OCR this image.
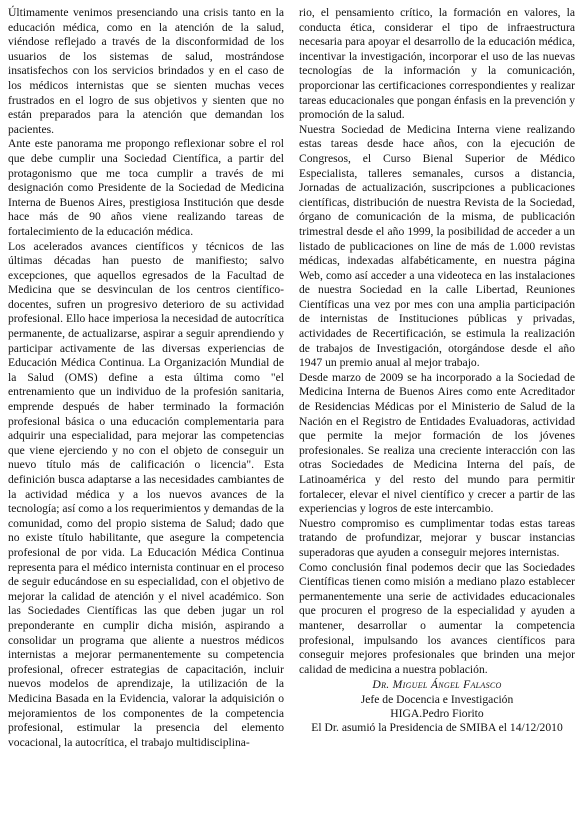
Últimamente venimos presenciando una crisis tanto en la educación médica, como en la atención de la salud, viéndose reflejado a través de la disconformidad de los usuarios de los sistemas de salud, mostrándose insatisfechos con los servicios brindados y en el caso de los médicos internistas que se sienten muchas veces frustrados en el logro de sus objetivos y sienten que no están preparados para la atención que demandan los pacientes.

Ante este panorama me propongo reflexionar sobre el rol que debe cumplir una Sociedad Científica, a partir del protagonismo que me toca cumplir a través de mi designación como Presidente de la Sociedad de Medicina Interna de Buenos Aires, prestigiosa Institución que desde hace más de 90 años viene realizando tareas de fortalecimiento de la educación médica.

Los acelerados avances científicos y técnicos de las últimas décadas han puesto de manifiesto; salvo excepciones, que aquellos egresados de la Facultad de Medicina que se desvinculan de los centros científico-docentes, sufren un progresivo deterioro de su actividad profesional. Ello hace imperiosa la necesidad de autocrítica permanente, de actualizarse, aspirar a seguir aprendiendo y participar activamente de las diversas experiencias de Educación Médica Continua. La Organización Mundial de la Salud (OMS) define a esta última como "el entrenamiento que un individuo de la profesión sanitaria, emprende después de haber terminado la formación profesional básica o una educación complementaria para adquirir una especialidad, para mejorar las competencias que viene ejerciendo y no con el objeto de conseguir un nuevo título más de calificación o licencia". Esta definición busca adaptarse a las necesidades cambiantes de la actividad médica y a los nuevos avances de la tecnología; así como a los requerimientos y demandas de la comunidad, como del propio sistema de Salud; dado que no existe título habilitante, que asegure la competencia profesional de por vida. La Educación Médica Continua representa para el médico internista continuar en el proceso de seguir educándose en su especialidad, con el objetivo de mejorar la calidad de atención y el nivel académico. Son las Sociedades Científicas las que deben jugar un rol preponderante en cumplir dicha misión, aspirando a consolidar un programa que aliente a nuestros médicos internistas a mejorar permanentemente su competencia profesional, ofrecer estrategias de capacitación, incluir nuevos modelos de aprendizaje, la utilización de la Medicina Basada en la Evidencia, valorar la adquisición o mejoramientos de los componentes de la competencia profesional, estimular la presencia del elemento vocacional, la autocrítica, el trabajo multidisciplina-

rio, el pensamiento crítico, la formación en valores, la conducta ética, considerar el tipo de infraestructura necesaria para apoyar el desarrollo de la educación médica, incentivar la investigación, incorporar el uso de las nuevas tecnologías de la información y la comunicación, proporcionar las certificaciones correspondientes y realizar tareas educacionales que pongan énfasis en la prevención y promoción de la salud.

Nuestra Sociedad de Medicina Interna viene realizando estas tareas desde hace años, con la ejecución de Congresos, el Curso Bienal Superior de Médico Especialista, talleres semanales, cursos a distancia, Jornadas de actualización, suscripciones a publicaciones científicas, distribución de nuestra Revista de la Sociedad, órgano de comunicación de la misma, de publicación trimestral desde el año 1999, la posibilidad de acceder a un listado de publicaciones on line de más de 1.000 revistas médicas, indexadas alfabéticamente, en nuestra página Web, como así acceder a una videoteca en las instalaciones de nuestra Sociedad en la calle Libertad, Reuniones Científicas una vez por mes con una amplia participación de internistas de Instituciones públicas y privadas, actividades de Recertificación, se estimula la realización de trabajos de Investigación, otorgándose desde el año 1947 un premio anual al mejor trabajo.

Desde marzo de 2009 se ha incorporado a la Sociedad de Medicina Interna de Buenos Aires como ente Acreditador de Residencias Médicas por el Ministerio de Salud de la Nación en el Registro de Entidades Evaluadoras, actividad que permite la mejor formación de los jóvenes profesionales. Se realiza una creciente interacción con las otras Sociedades de Medicina Interna del país, de Latinoamérica y del resto del mundo para permitir fortalecer, elevar el nivel científico y crecer a partir de las experiencias y logros de este intercambio.

Nuestro compromiso es cumplimentar todas estas tareas tratando de profundizar, mejorar y buscar instancias superadoras que ayuden a conseguir mejores internistas.

Como conclusión final podemos decir que las Sociedades Científicas tienen como misión a mediano plazo establecer permanentemente una serie de actividades educacionales que procuren el progreso de la especialidad y ayuden a mantener, desarrollar o aumentar la competencia profesional, impulsando los avances científicos para conseguir mejores profesionales que brinden una mejor calidad de medicina a nuestra población.

Dr. Miguel Ángel Falasco
Jefe de Docencia e Investigación
HIGA.Pedro Fiorito
El Dr. asumió la Presidencia de SMIBA el 14/12/2010
